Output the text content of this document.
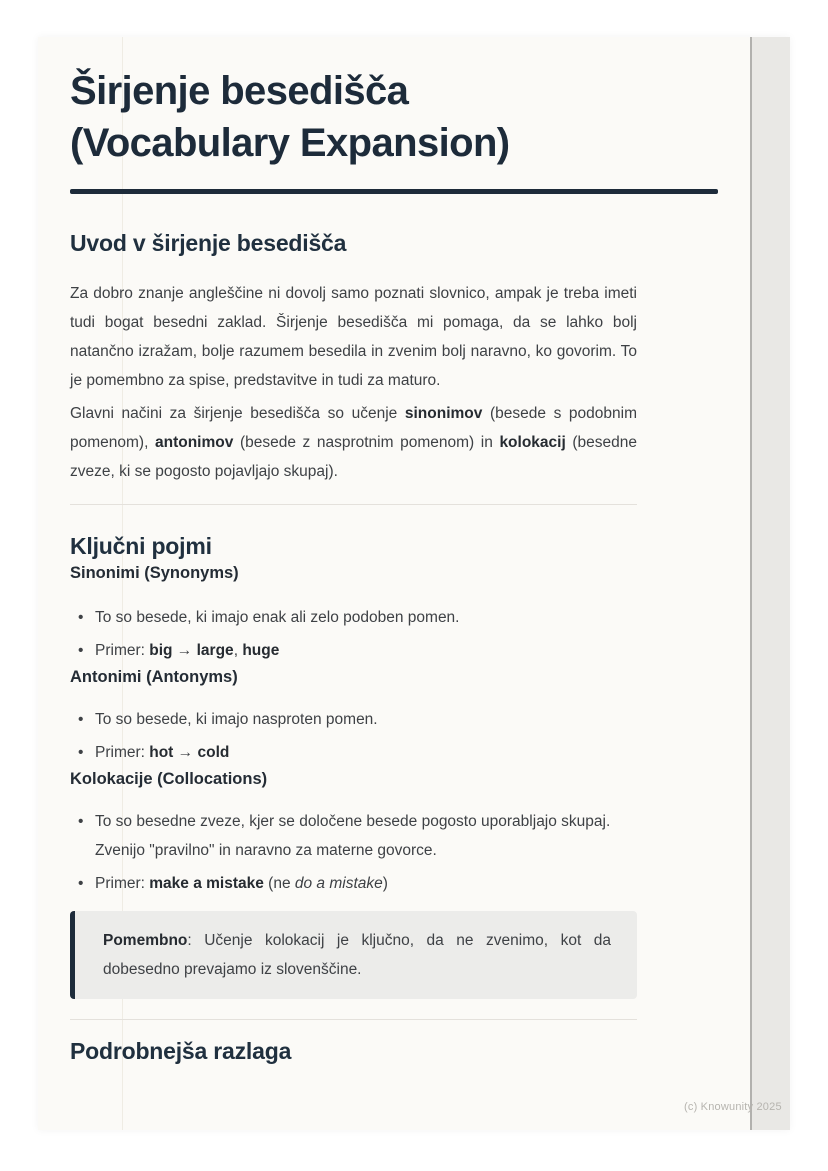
Širjenje besedišča
(Vocabulary Expansion)
Uvod v širjenje besedišča

Za dobro znanje angleščine ni dovolj samo poznati slovnico, ampak je treba imeti tudi bogat besedni zaklad. Širjenje besedišča mi pomaga, da se lahko bolj natančno izražam, bolje razumem besedila in zvenim bolj naravno, ko govorim. To je pomembno za spise, predstavitve in tudi za maturo.

Glavni načini za širjenje besedišča so učenje sinonimov (besede s podobnim pomenom), antonimov (besede z nasprotnim pomenom) in kolokacij (besedne zveze, ki se pogosto pojavljajo skupaj).

Ključni pojmi
Sinonimi (Synonyms)
• To so besede, ki imajo enak ali zelo podoben pomen.
• Primer: big → large, huge
Antonimi (Antonyms)
• To so besede, ki imajo nasproten pomen.
• Primer: hot → cold
Kolokacije (Collocations)
• To so besedne zveze, kjer se določene besede pogosto uporabljajo skupaj. Zvenijo "pravilno" in naravno za materne govorce.
• Primer: make a mistake (ne do a mistake)

Pomembno: Učenje kolokacij je ključno, da ne zvenimo, kot da dobesedno prevajamo iz slovenščine.

Podrobnejša razlaga
(c) Knowunity 2025
